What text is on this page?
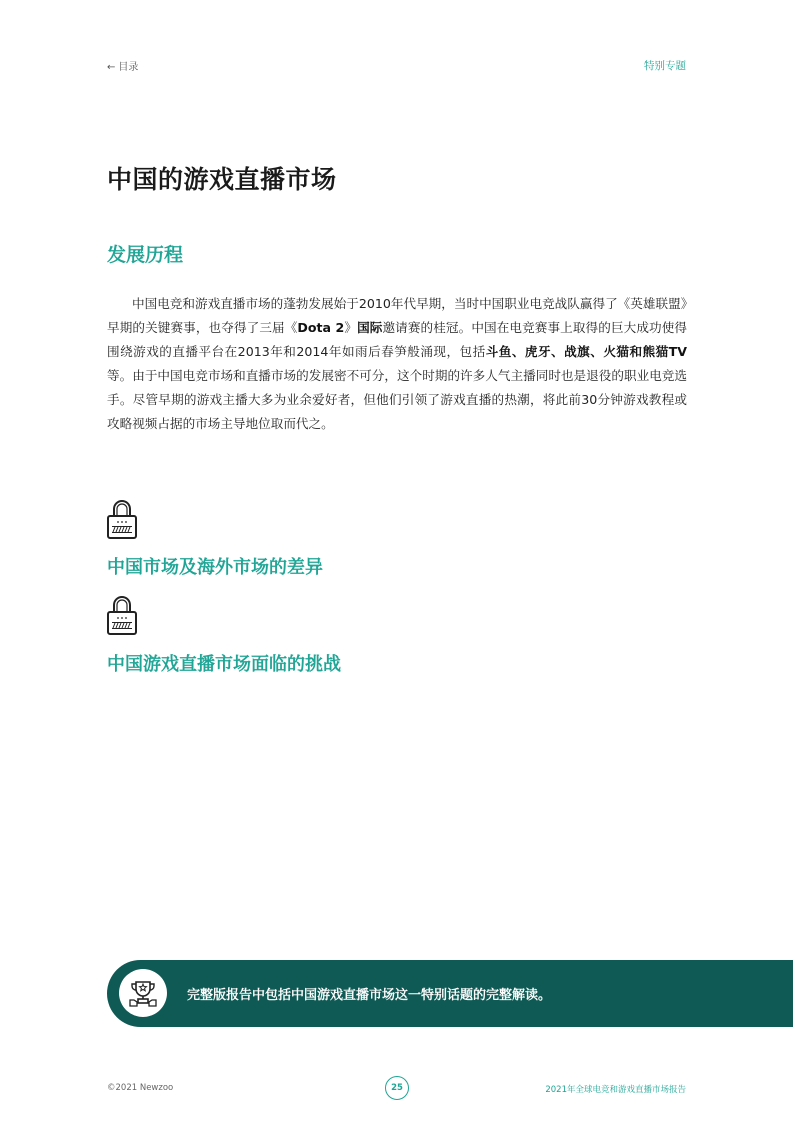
← 目录	特别专题
中国的游戏直播市场
发展历程

中国电竞和游戏直播市场的蓬勃发展始于2010年代早期，当时中国职业电竞战队赢得了《英雄联盟》早期的关键赛事，也夺得了三届《Dota 2》国际邀请赛的桂冠。中国在电竞赛事上取得的巨大成功使得围绕游戏的直播平台在2013年和2014年如雨后春笋般涌现，包括斗鱼、虎牙、战旗、火猫和熊猫TV等。由于中国电竞市场和直播市场的发展密不可分，这个时期的许多人气主播同时也是退役的职业电竞选手。尽管早期的游戏主播大多为业余爱好者，但他们引领了游戏直播的热潮，将此前30分钟游戏教程或攻略视频占据的市场主导地位取而代之。

中国市场及海外市场的差异
中国游戏直播市场面临的挑战
完整版报告中包括中国游戏直播市场这一特别话题的完整解读。
©2021 Newzoo	25	2021年全球电竞和游戏直播市场报告
